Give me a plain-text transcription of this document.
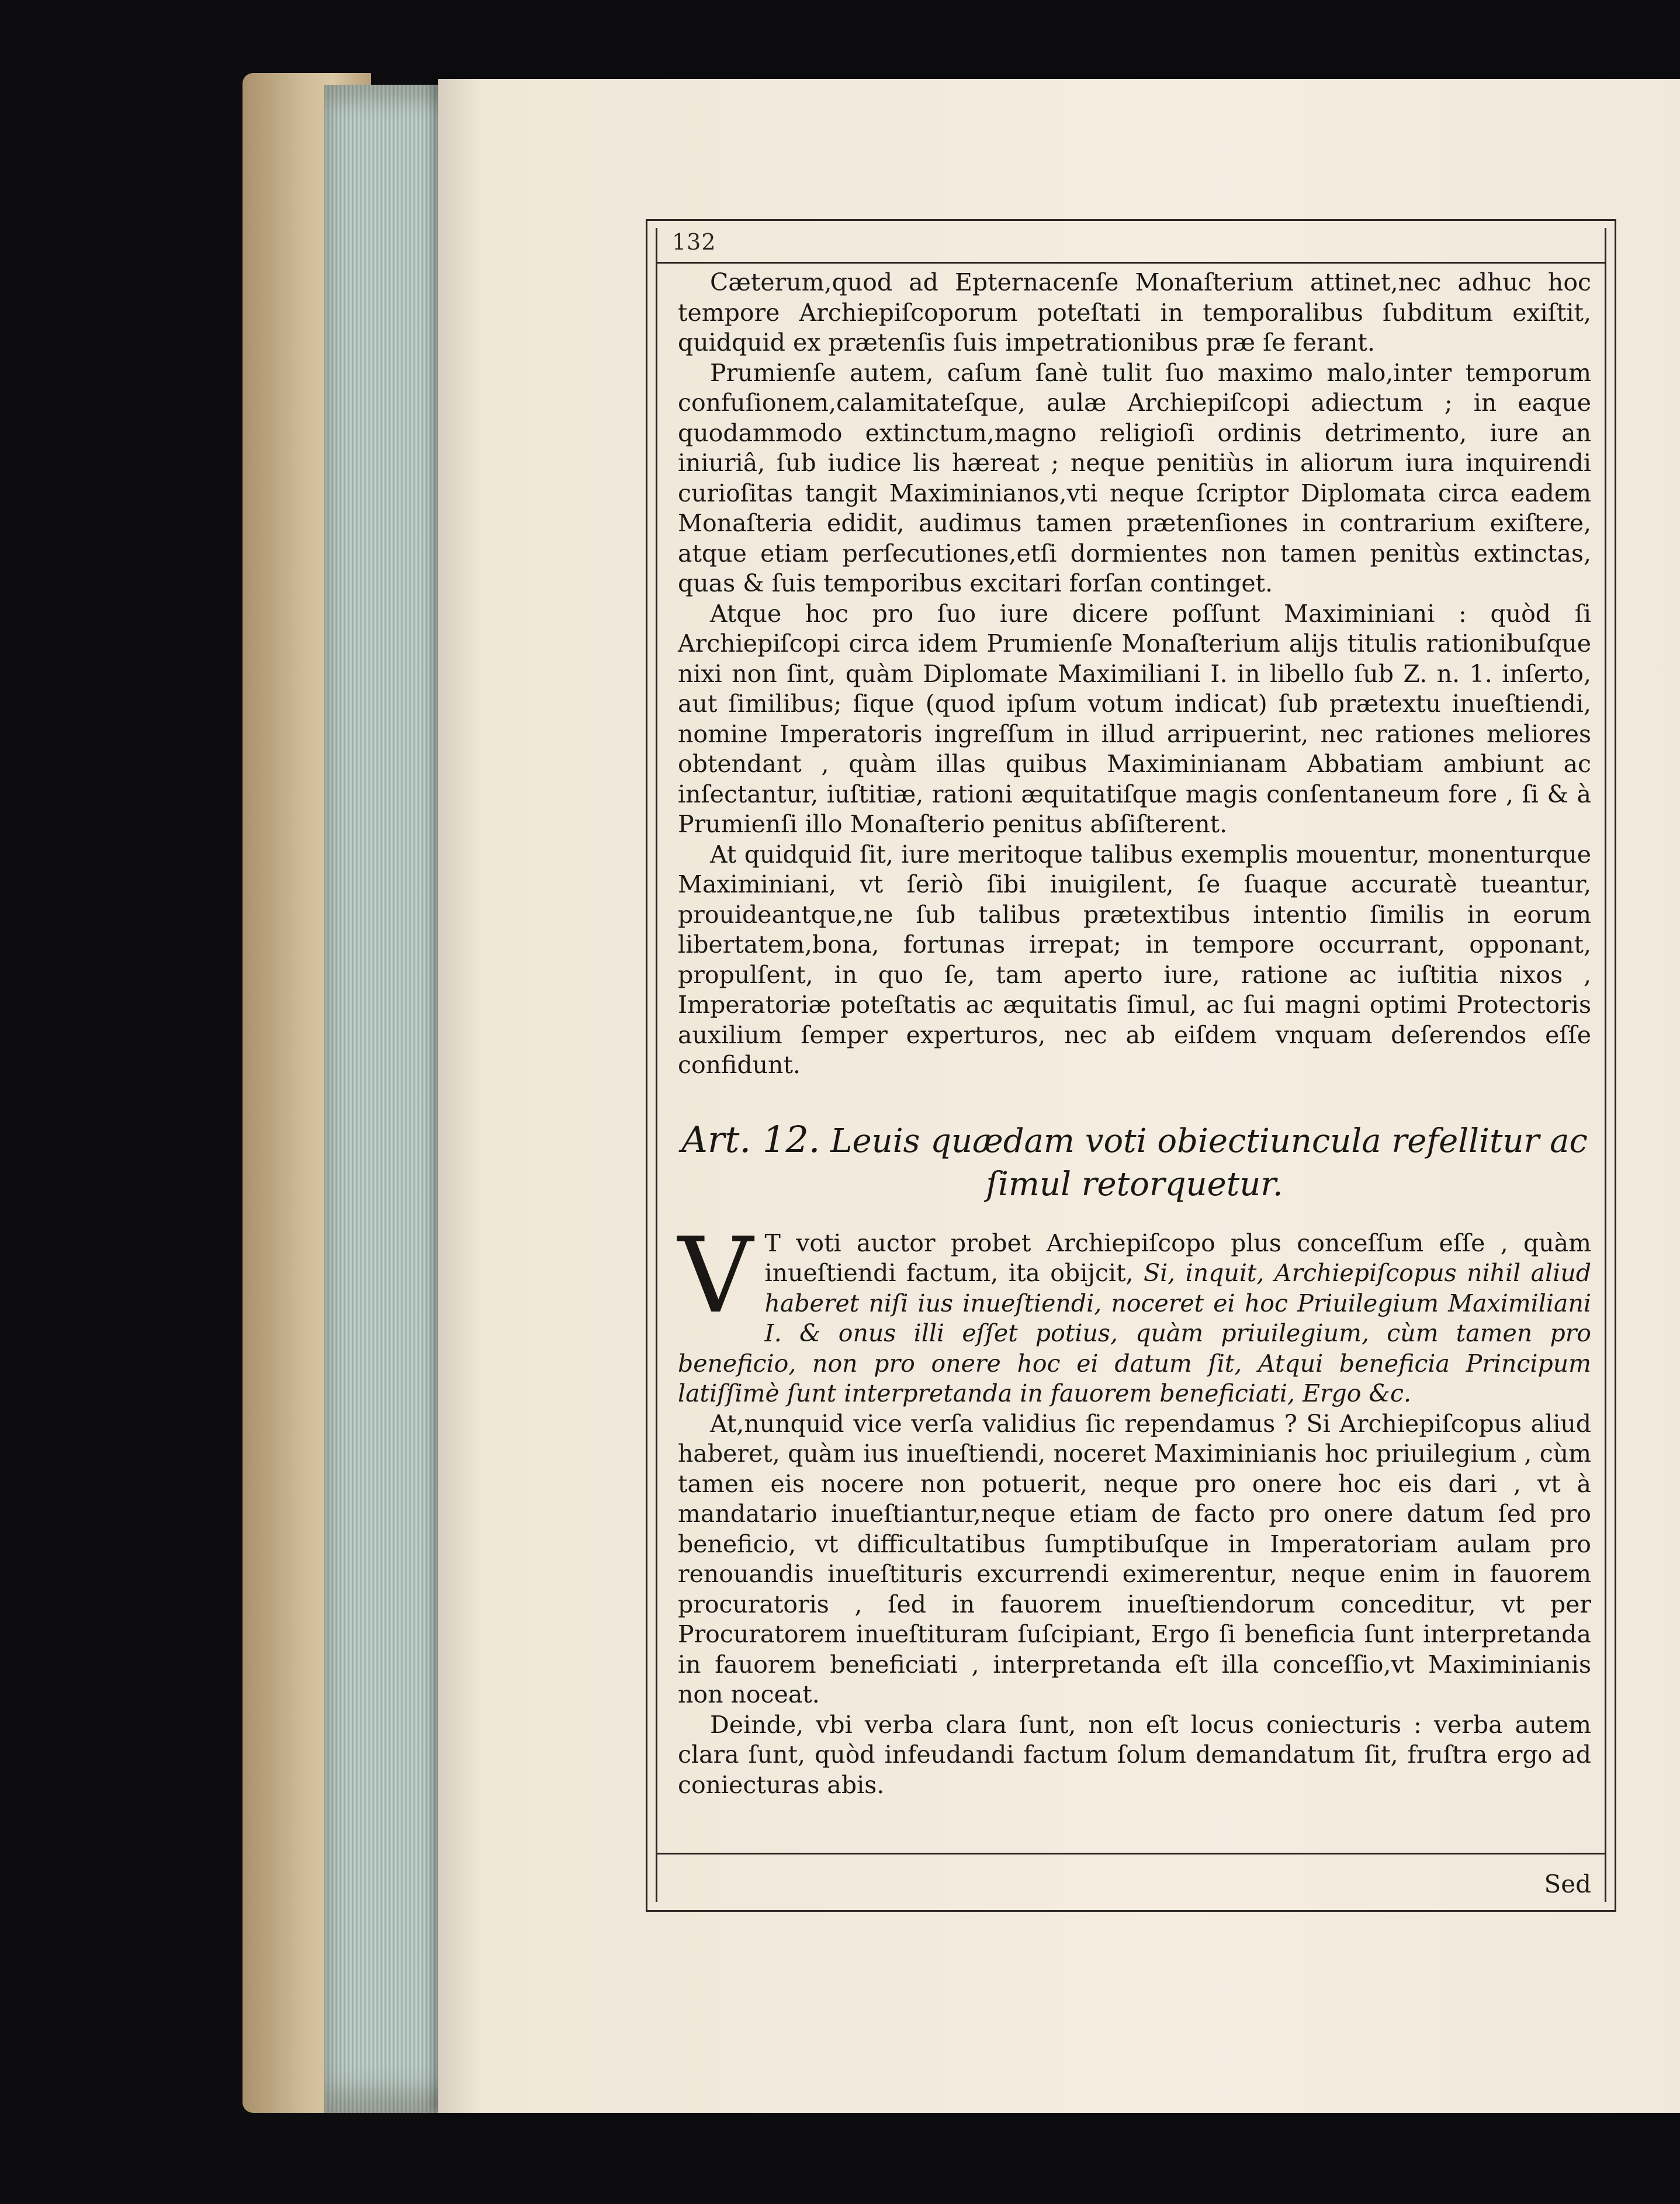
132

Cæterum,quod ad Epternacenſe Monaſterium attinet,nec adhuc hoc tempore Archiepiſcoporum poteſtati in temporalibus ſubditum exiſtit, quidquid ex prætenſis ſuis impetrationibus præ ſe ferant.

Prumienſe autem, caſum ſanè tulit ſuo maximo malo,inter temporum confuſionem,calamitateſque, aulæ Archiepiſcopi adiectum ; in eaque quodammodo extinctum,magno religioſi ordinis detrimento, iure an iniuriâ, ſub iudice lis hæreat ; neque penitiùs in aliorum iura inquirendi curioſitas tangit Maximinianos,vti neque ſcriptor Diplomata circa eadem Monaſteria edidit, audimus tamen prætenſiones in contrarium exiſtere, atque etiam perſecutiones,etſi dormientes non tamen penitùs extinctas, quas & ſuis temporibus excitari forſan continget.

Atque hoc pro ſuo iure dicere poſſunt Maximiniani : quòd ſi Archiepiſcopi circa idem Prumienſe Monaſterium alijs titulis rationibuſque nixi non ſint, quàm Diplomate Maximiliani I. in libello ſub Z. n. 1. inſerto, aut ſimilibus; ſique (quod ipſum votum indicat) ſub prætextu inueſtiendi, nomine Imperatoris ingreſſum in illud arripuerint, nec rationes meliores obtendant , quàm illas quibus Maximinianam Abbatiam ambiunt ac inſectantur, iuſtitiæ, rationi æquitatiſque magis conſentaneum fore , ſi & à Prumienſi illo Monaſterio penitus abſiſterent.

At quidquid ſit, iure meritoque talibus exemplis mouentur, monenturque Maximiniani, vt ſeriò ſibi inuigilent, ſe ſuaque accuratè tueantur, prouideantque,ne ſub talibus prætextibus intentio ſimilis in eorum libertatem,bona, fortunas irrepat; in tempore occurrant, opponant, propulſent, in quo ſe, tam aperto iure, ratione ac iuſtitia nixos , Imperatoriæ poteſtatis ac æquitatis ſimul, ac ſui magni optimi Protectoris auxilium ſemper experturos, nec ab eiſdem vnquam deſerendos eſſe confidunt.

Art. 12. Leuis quædam voti obiectiuncula refellitur ac ſimul retorquetur.
V T voti auctor probet Archiepiſcopo plus conceſſum eſſe , quàm inueſtiendi factum, ita obijcit, Si, inquit, Archiepiſcopus nihil aliud haberet niſi ius inueſtiendi, noceret ei hoc Priuilegium Maximiliani I. & onus illi eſſet potius, quàm priuilegium, cùm tamen pro beneficio, non pro onere hoc ei datum ſit, Atqui beneficia Principum latiſſimè ſunt interpretanda in fauorem beneficiati, Ergo &c.

At,nunquid vice verſa validius ſic rependamus ? Si Archiepiſcopus aliud haberet, quàm ius inueſtiendi, noceret Maximinianis hoc priuilegium , cùm tamen eis nocere non potuerit, neque pro onere hoc eis dari , vt à mandatario inueſtiantur,neque etiam de facto pro onere datum ſed pro beneficio, vt difficultatibus ſumptibuſque in Imperatoriam aulam pro renouandis inueſtituris excurrendi eximerentur, neque enim in fauorem procuratoris , ſed in fauorem inueſtiendorum conceditur, vt per Procuratorem inueſtituram ſuſcipiant, Ergo ſi beneficia ſunt interpretanda in fauorem beneficiati , interpretanda eſt illa conceſſio,vt Maximinianis non noceat.

Deinde, vbi verba clara ſunt, non eſt locus coniecturis : verba autem clara ſunt, quòd infeudandi factum ſolum demandatum ſit, fruſtra ergo ad coniecturas abis.

Sed
